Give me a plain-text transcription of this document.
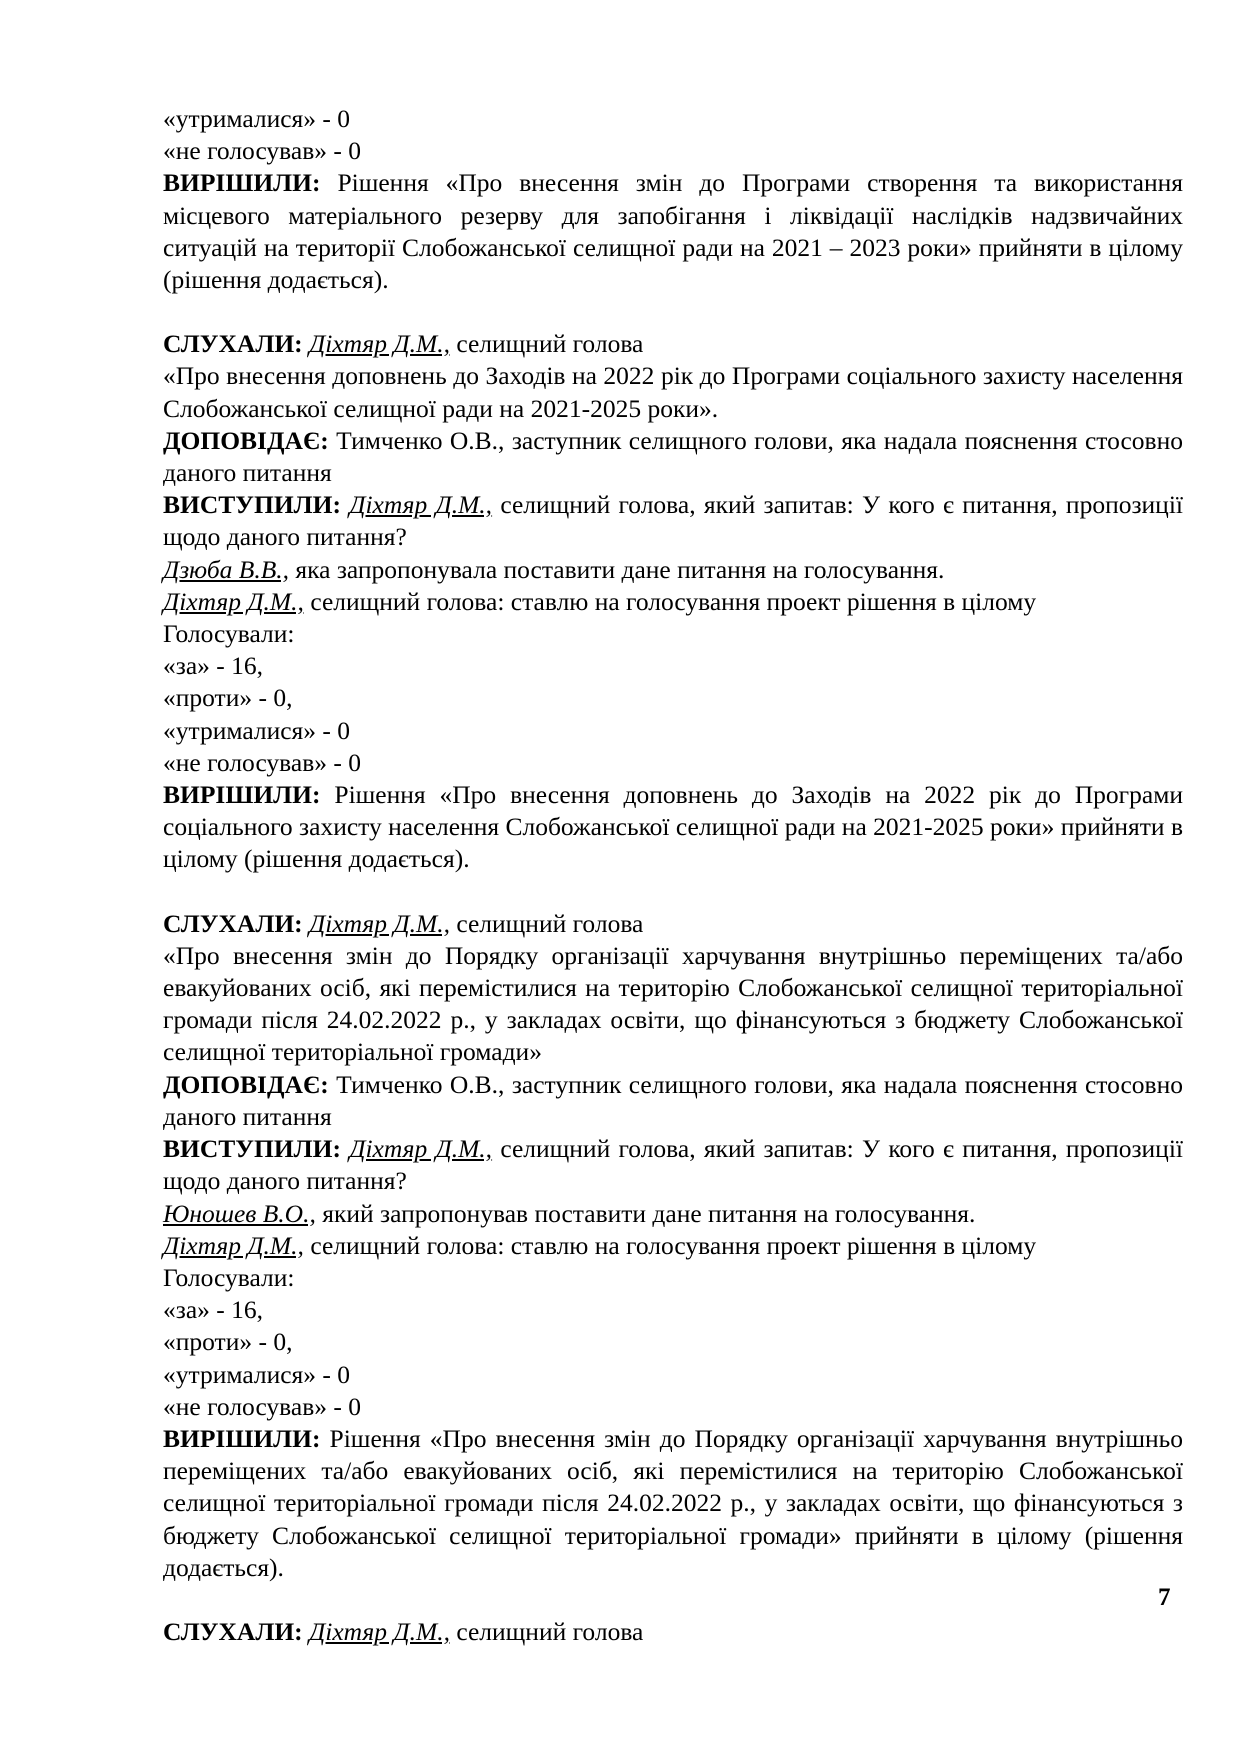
«утрималися» - 0

«не голосував» - 0

ВИРІШИЛИ: Рішення «Про внесення змін до Програми створення та використання місцевого матеріального резерву для запобігання і ліквідації наслідків надзвичайних ситуацій на території Слобожанської селищної ради на 2021 – 2023 роки» прийняти в цілому (рішення додається).

СЛУХАЛИ: Діхтяр Д.М., селищний голова

«Про внесення доповнень до Заходів на 2022 рік до Програми соціального захисту населення Слобожанської селищної ради на 2021-2025 роки».

ДОПОВІДАЄ: Тимченко О.В., заступник селищного голови, яка надала пояснення стосовно даного питання

ВИСТУПИЛИ: Діхтяр Д.М., селищний голова, який запитав: У кого є питання, пропозиції щодо даного питання?

Дзюба В.В., яка запропонувала поставити дане питання на голосування.

Діхтяр Д.М., селищний голова: ставлю на голосування проект рішення в цілому

Голосували:

«за» - 16,

«проти» - 0,

«утрималися» - 0

«не голосував» - 0

ВИРІШИЛИ: Рішення «Про внесення доповнень до Заходів на 2022 рік до Програми соціального захисту населення Слобожанської селищної ради на 2021-2025 роки» прийняти в цілому (рішення додається).

СЛУХАЛИ: Діхтяр Д.М., селищний голова

«Про внесення змін до Порядку організації харчування внутрішньо переміщених та/або евакуйованих осіб, які перемістилися на територію Слобожанської селищної територіальної громади після 24.02.2022 р., у закладах освіти, що фінансуються з бюджету Слобожанської селищної територіальної громади»

ДОПОВІДАЄ: Тимченко О.В., заступник селищного голови, яка надала пояснення стосовно даного питання

ВИСТУПИЛИ: Діхтяр Д.М., селищний голова, який запитав: У кого є питання, пропозиції щодо даного питання?

Юношев В.О., який запропонував поставити дане питання на голосування.

Діхтяр Д.М., селищний голова: ставлю на голосування проект рішення в цілому

Голосували:

«за» - 16,

«проти» - 0,

«утрималися» - 0

«не голосував» - 0

ВИРІШИЛИ: Рішення «Про внесення змін до Порядку організації харчування внутрішньо переміщених та/або евакуйованих осіб, які перемістилися на територію Слобожанської селищної територіальної громади після 24.02.2022 р., у закладах освіти, що фінансуються з бюджету Слобожанської селищної територіальної громади» прийняти в цілому (рішення додається).

СЛУХАЛИ: Діхтяр Д.М., селищний голова

7
